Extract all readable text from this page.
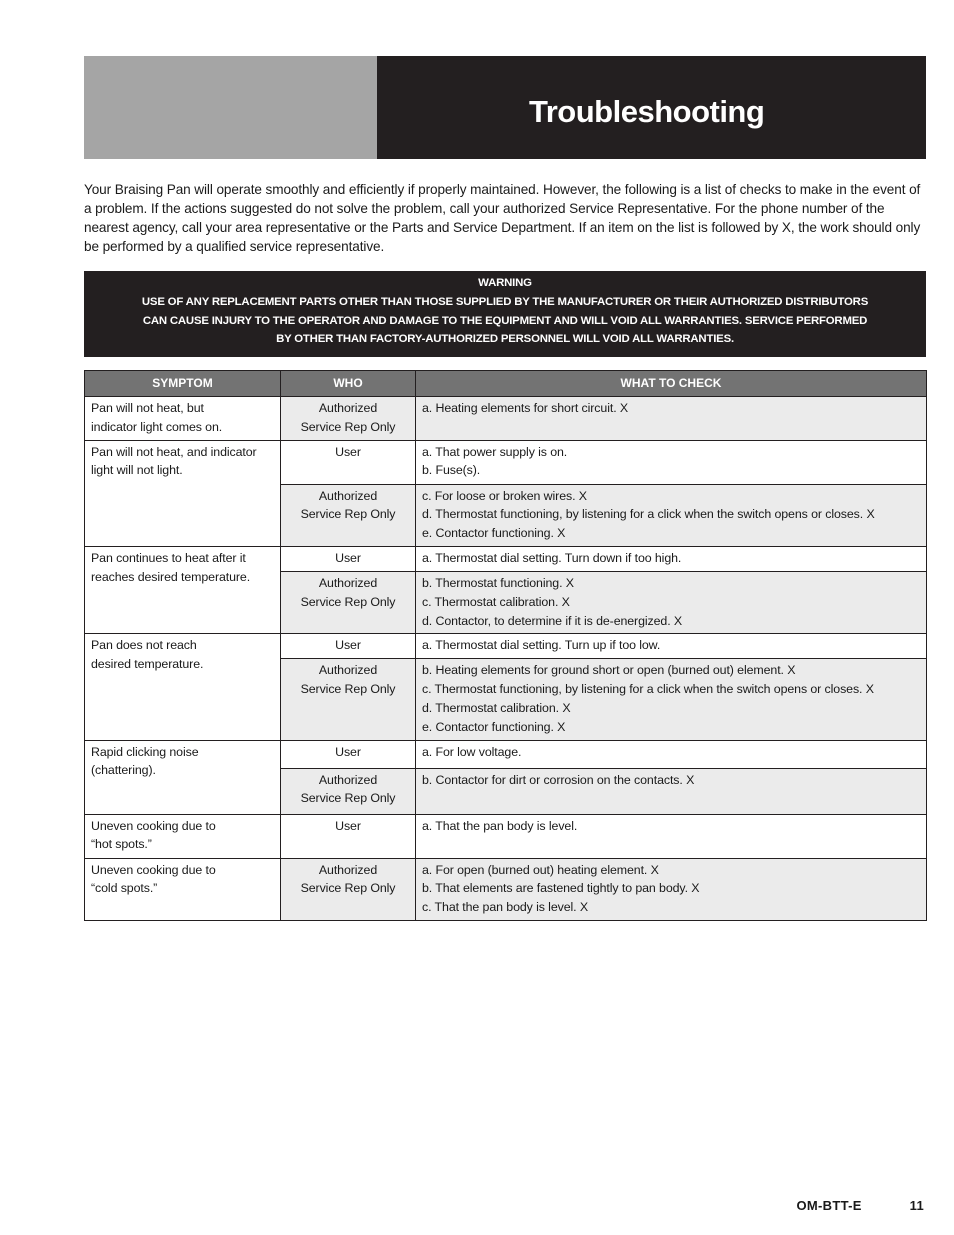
Troubleshooting

Your Braising Pan will operate smoothly and efficiently if properly maintained. However, the following is a list of checks to make in the event of a problem. If the actions suggested do not solve the problem, call your authorized Service Representative. For the phone number of the nearest agency, call your area representative or the Parts and Service Department. If an item on the list is followed by X, the work should only be performed by a qualified service representative.

WARNING
USE OF ANY REPLACEMENT PARTS OTHER THAN THOSE SUPPLIED BY THE MANUFACTURER OR THEIR AUTHORIZED DISTRIBUTORS
CAN CAUSE INJURY TO THE OPERATOR AND DAMAGE TO THE EQUIPMENT AND WILL VOID ALL WARRANTIES. SERVICE PERFORMED
BY OTHER THAN FACTORY-AUTHORIZED PERSONNEL WILL VOID ALL WARRANTIES.
SYMPTOM	WHO	WHAT TO CHECK

Pan will not heat, but
indicator light comes on.	Authorized
Service Rep Only	a. Heating elements for short circuit. X

Pan will not heat, and indicator
light will not light.	User	a. That power supply is on.
b. Fuse(s).

	Authorized
Service Rep Only	c. For loose or broken wires. X
d. Thermostat functioning, by listening for a click when the switch opens or closes. X
e. Contactor functioning. X

Pan continues to heat after it
reaches desired temperature.	User	a. Thermostat dial setting. Turn down if too high.

	Authorized
Service Rep Only	b. Thermostat functioning. X
c. Thermostat calibration. X
d. Contactor, to determine if it is de-energized. X

Pan does not reach
desired temperature.	User	a. Thermostat dial setting. Turn up if too low.

	Authorized
Service Rep Only	b. Heating elements for ground short or open (burned out) element. X
c. Thermostat functioning, by listening for a click when the switch opens or closes. X
d. Thermostat calibration. X
e. Contactor functioning. X

Rapid clicking noise
(chattering).	User	a. For low voltage.

	Authorized
Service Rep Only	b. Contactor for dirt or corrosion on the contacts. X

Uneven cooking due to
“hot spots.”	User	a. That the pan body is level.

Uneven cooking due to
“cold spots.”	Authorized
Service Rep Only	a. For open (burned out) heating element. X
b. That elements are fastened tightly to pan body. X
c. That the pan body is level. X
OM-BTT-E	11
